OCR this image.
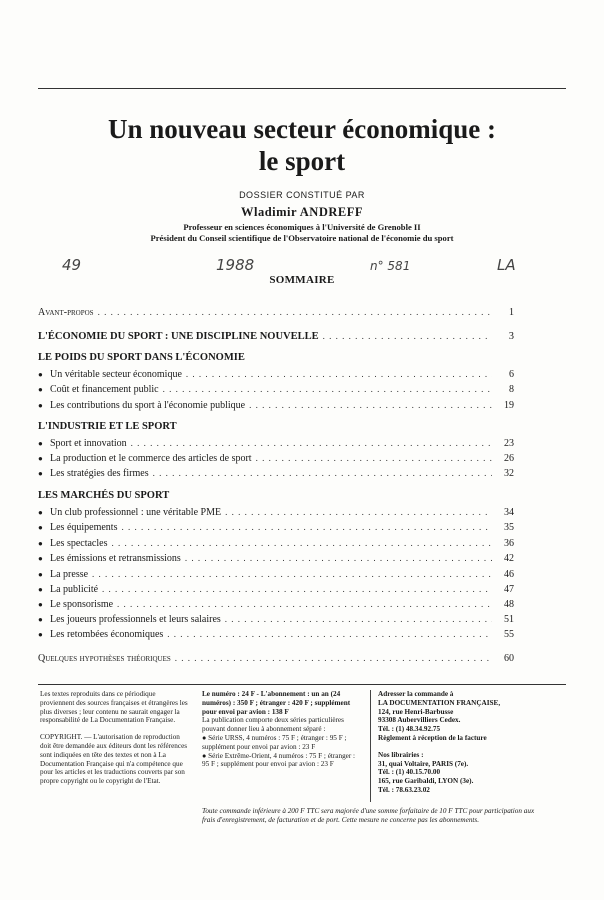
Un nouveau secteur économique :
le sport
DOSSIER CONSTITUÉ PAR
Wladimir ANDREFF
Professeur en sciences économiques à l'Université de Grenoble II
Président du Conseil scientifique de l'Observatoire national de l'économie du sport
49	1988	n° 581	LA
SOMMAIRE
Avant-propos . . .	1
L'ÉCONOMIE DU SPORT : UNE DISCIPLINE NOUVELLE . . .	3
LE POIDS DU SPORT DANS L'ÉCONOMIE
● Un véritable secteur économique . . .	6
● Coût et financement public . . .	8
● Les contributions du sport à l'économie publique . . .	19
L'INDUSTRIE ET LE SPORT
● Sport et innovation . . .	23
● La production et le commerce des articles de sport . . .	26
● Les stratégies des firmes . . .	32
LES MARCHÉS DU SPORT
● Un club professionnel : une véritable PME . . .	34
● Les équipements . . .	35
● Les spectacles . . .	36
● Les émissions et retransmissions . . .	42
● La presse . . .	46
● La publicité . . .	47
● Le sponsorisme . . .	48
● Les joueurs professionnels et leurs salaires . . .	51
● Les retombées économiques . . .	55
Quelques hypothèses théoriques . . .	60

Les textes reproduits dans ce périodique proviennent des sources françaises et étrangères les plus diverses ; leur contenu ne saurait engager la responsabilité de La Documentation Française.

COPYRIGHT. — L'autorisation de reproduction doit être demandée aux éditeurs dont les références sont indiquées en tête des textes et non à La Documentation Française qui n'a compétence que pour les articles et les traductions couverts par son propre copyright ou le copyright de l'Etat.

Le numéro : 24 F - L'abonnement : un an (24 numéros) : 350 F ; étranger : 420 F ; supplément pour envoi par avion : 138 F

La publication comporte deux séries particulières pouvant donner lieu à abonnement séparé :

● Série URSS, 4 numéros : 75 F ; étranger : 95 F ; supplément pour envoi par avion : 23 F

● Série Extrême-Orient, 4 numéros : 75 F ; étranger : 95 F ; supplément pour envoi par avion : 23 F

Adresser la commande à

LA DOCUMENTATION FRANÇAISE,

124, rue Henri-Barbusse

93308 Aubervilliers Cedex.

Tél. : (1) 48.34.92.75

Règlement à réception de la facture

Nos librairies :

31, quai Voltaire, PARIS (7e).

Tél. : (1) 40.15.70.00

165, rue Garibaldi, LYON (3e).

Tél. : 78.63.23.02

Toute commande inférieure à 200 F TTC sera majorée d'une somme forfaitaire de 10 F TTC pour participation aux frais d'enregistrement, de facturation et de port. Cette mesure ne concerne pas les abonnements.
